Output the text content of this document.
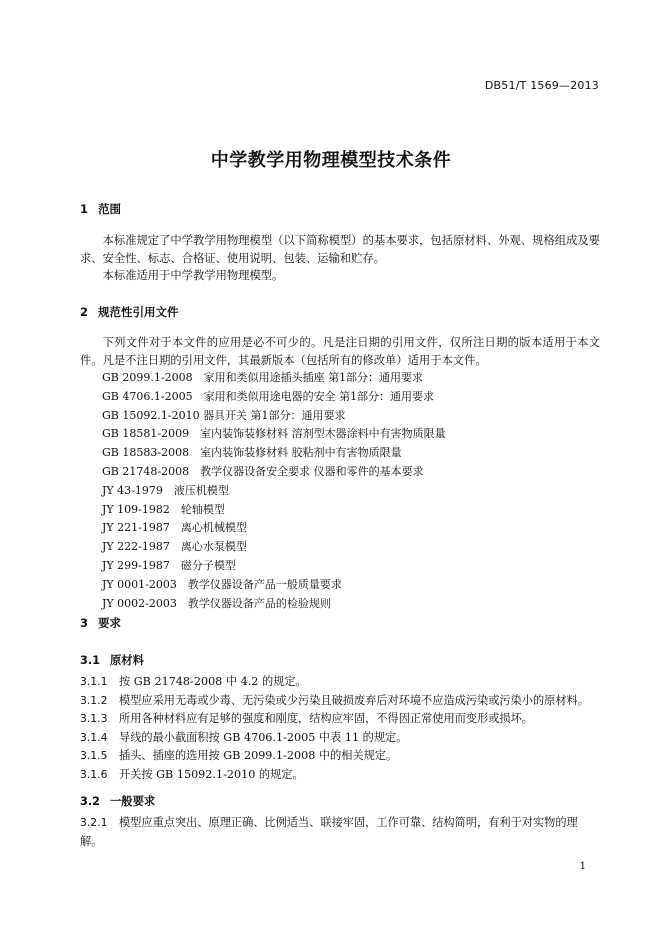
DB51/T 1569—2013
中学教学用物理模型技术条件
1 范围

本标准规定了中学教学用物理模型（以下简称模型）的基本要求，包括原材料、外观、规格组成及要求、安全性、标志、合格证、使用说明、包装、运输和贮存。

本标准适用于中学教学用物理模型。

2 规范性引用文件

下列文件对于本文件的应用是必不可少的。凡是注日期的引用文件，仅所注日期的版本适用于本文件。凡是不注日期的引用文件，其最新版本（包括所有的修改单）适用于本文件。

GB 2099.1-2008　家用和类似用途插头插座 第1部分：通用要求
GB 4706.1-2005　家用和类似用途电器的安全 第1部分：通用要求
GB 15092.1-2010 器具开关 第1部分：通用要求
GB 18581-2009　室内装饰装修材料 溶剂型木器涂料中有害物质限量
GB 18583-2008　室内装饰装修材料 胶粘剂中有害物质限量
GB 21748-2008　教学仪器设备安全要求 仪器和零件的基本要求
JY 43-1979　液压机模型
JY 109-1982　轮轴模型
JY 221-1987　离心机械模型
JY 222-1987　离心水泵模型
JY 299-1987　磁分子模型
JY 0001-2003　教学仪器设备产品一般质量要求
JY 0002-2003　教学仪器设备产品的检验规则
3 要求
3.1 原材料
3.1.1 按 GB 21748-2008 中 4.2 的规定。
3.1.2 模型应采用无毒或少毒、无污染或少污染且破损废弃后对环境不应造成污染或污染小的原材料。
3.1.3 所用各种材料应有足够的强度和刚度，结构应牢固，不得因正常使用而变形或损坏。
3.1.4 导线的最小截面积按 GB 4706.1-2005 中表 11 的规定。
3.1.5 插头、插座的选用按 GB 2099.1-2008 中的相关规定。
3.1.6 开关按 GB 15092.1-2010 的规定。
3.2 一般要求
3.2.1 模型应重点突出、原理正确、比例适当、联接牢固，工作可靠、结构简明，有利于对实物的理
解。
1
